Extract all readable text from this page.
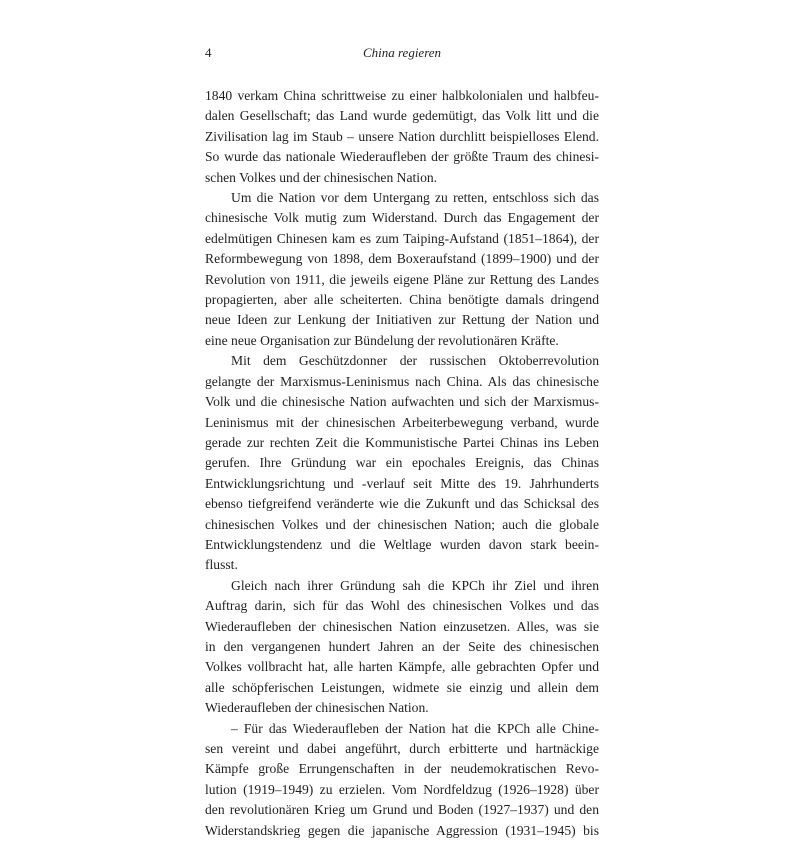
4	China regieren

1840 verkam China schrittweise zu einer halbkolonialen und halbfeu-
dalen Gesellschaft; das Land wurde gedemütigt, das Volk litt und die
Zivilisation lag im Staub – unsere Nation durchlitt beispielloses Elend.
So wurde das nationale Wiederaufleben der größte Traum des chinesi-
schen Volkes und der chinesischen Nation.

Um die Nation vor dem Untergang zu retten, entschloss sich das
chinesische Volk mutig zum Widerstand. Durch das Engagement der
edelmütigen Chinesen kam es zum Taiping-Aufstand (1851–1864), der
Reformbewegung von 1898, dem Boxeraufstand (1899–1900) und der
Revolution von 1911, die jeweils eigene Pläne zur Rettung des Landes
propagierten, aber alle scheiterten. China benötigte damals dringend
neue Ideen zur Lenkung der Initiativen zur Rettung der Nation und
eine neue Organisation zur Bündelung der revolutionären Kräfte.

Mit dem Geschützdonner der russischen Oktoberrevolution
gelangte der Marxismus-Leninismus nach China. Als das chinesische
Volk und die chinesische Nation aufwachten und sich der Marxismus-
Leninismus mit der chinesischen Arbeiterbewegung verband, wurde
gerade zur rechten Zeit die Kommunistische Partei Chinas ins Leben
gerufen. Ihre Gründung war ein epochales Ereignis, das Chinas
Entwicklungsrichtung und -verlauf seit Mitte des 19. Jahrhunderts
ebenso tiefgreifend veränderte wie die Zukunft und das Schicksal des
chinesischen Volkes und der chinesischen Nation; auch die globale
Entwicklungstendenz und die Weltlage wurden davon stark beein-
flusst.

Gleich nach ihrer Gründung sah die KPCh ihr Ziel und ihren
Auftrag darin, sich für das Wohl des chinesischen Volkes und das
Wiederaufleben der chinesischen Nation einzusetzen. Alles, was sie
in den vergangenen hundert Jahren an der Seite des chinesischen
Volkes vollbracht hat, alle harten Kämpfe, alle gebrachten Opfer und
alle schöpferischen Leistungen, widmete sie einzig und allein dem
Wiederaufleben der chinesischen Nation.

– Für das Wiederaufleben der Nation hat die KPCh alle Chine-
sen vereint und dabei angeführt, durch erbitterte und hartnäckige
Kämpfe große Errungenschaften in der neudemokratischen Revo-
lution (1919–1949) zu erzielen. Vom Nordfeldzug (1926–1928) über
den revolutionären Krieg um Grund und Boden (1927–1937) und den
Widerstandskrieg gegen die japanische Aggression (1931–1945) bis
